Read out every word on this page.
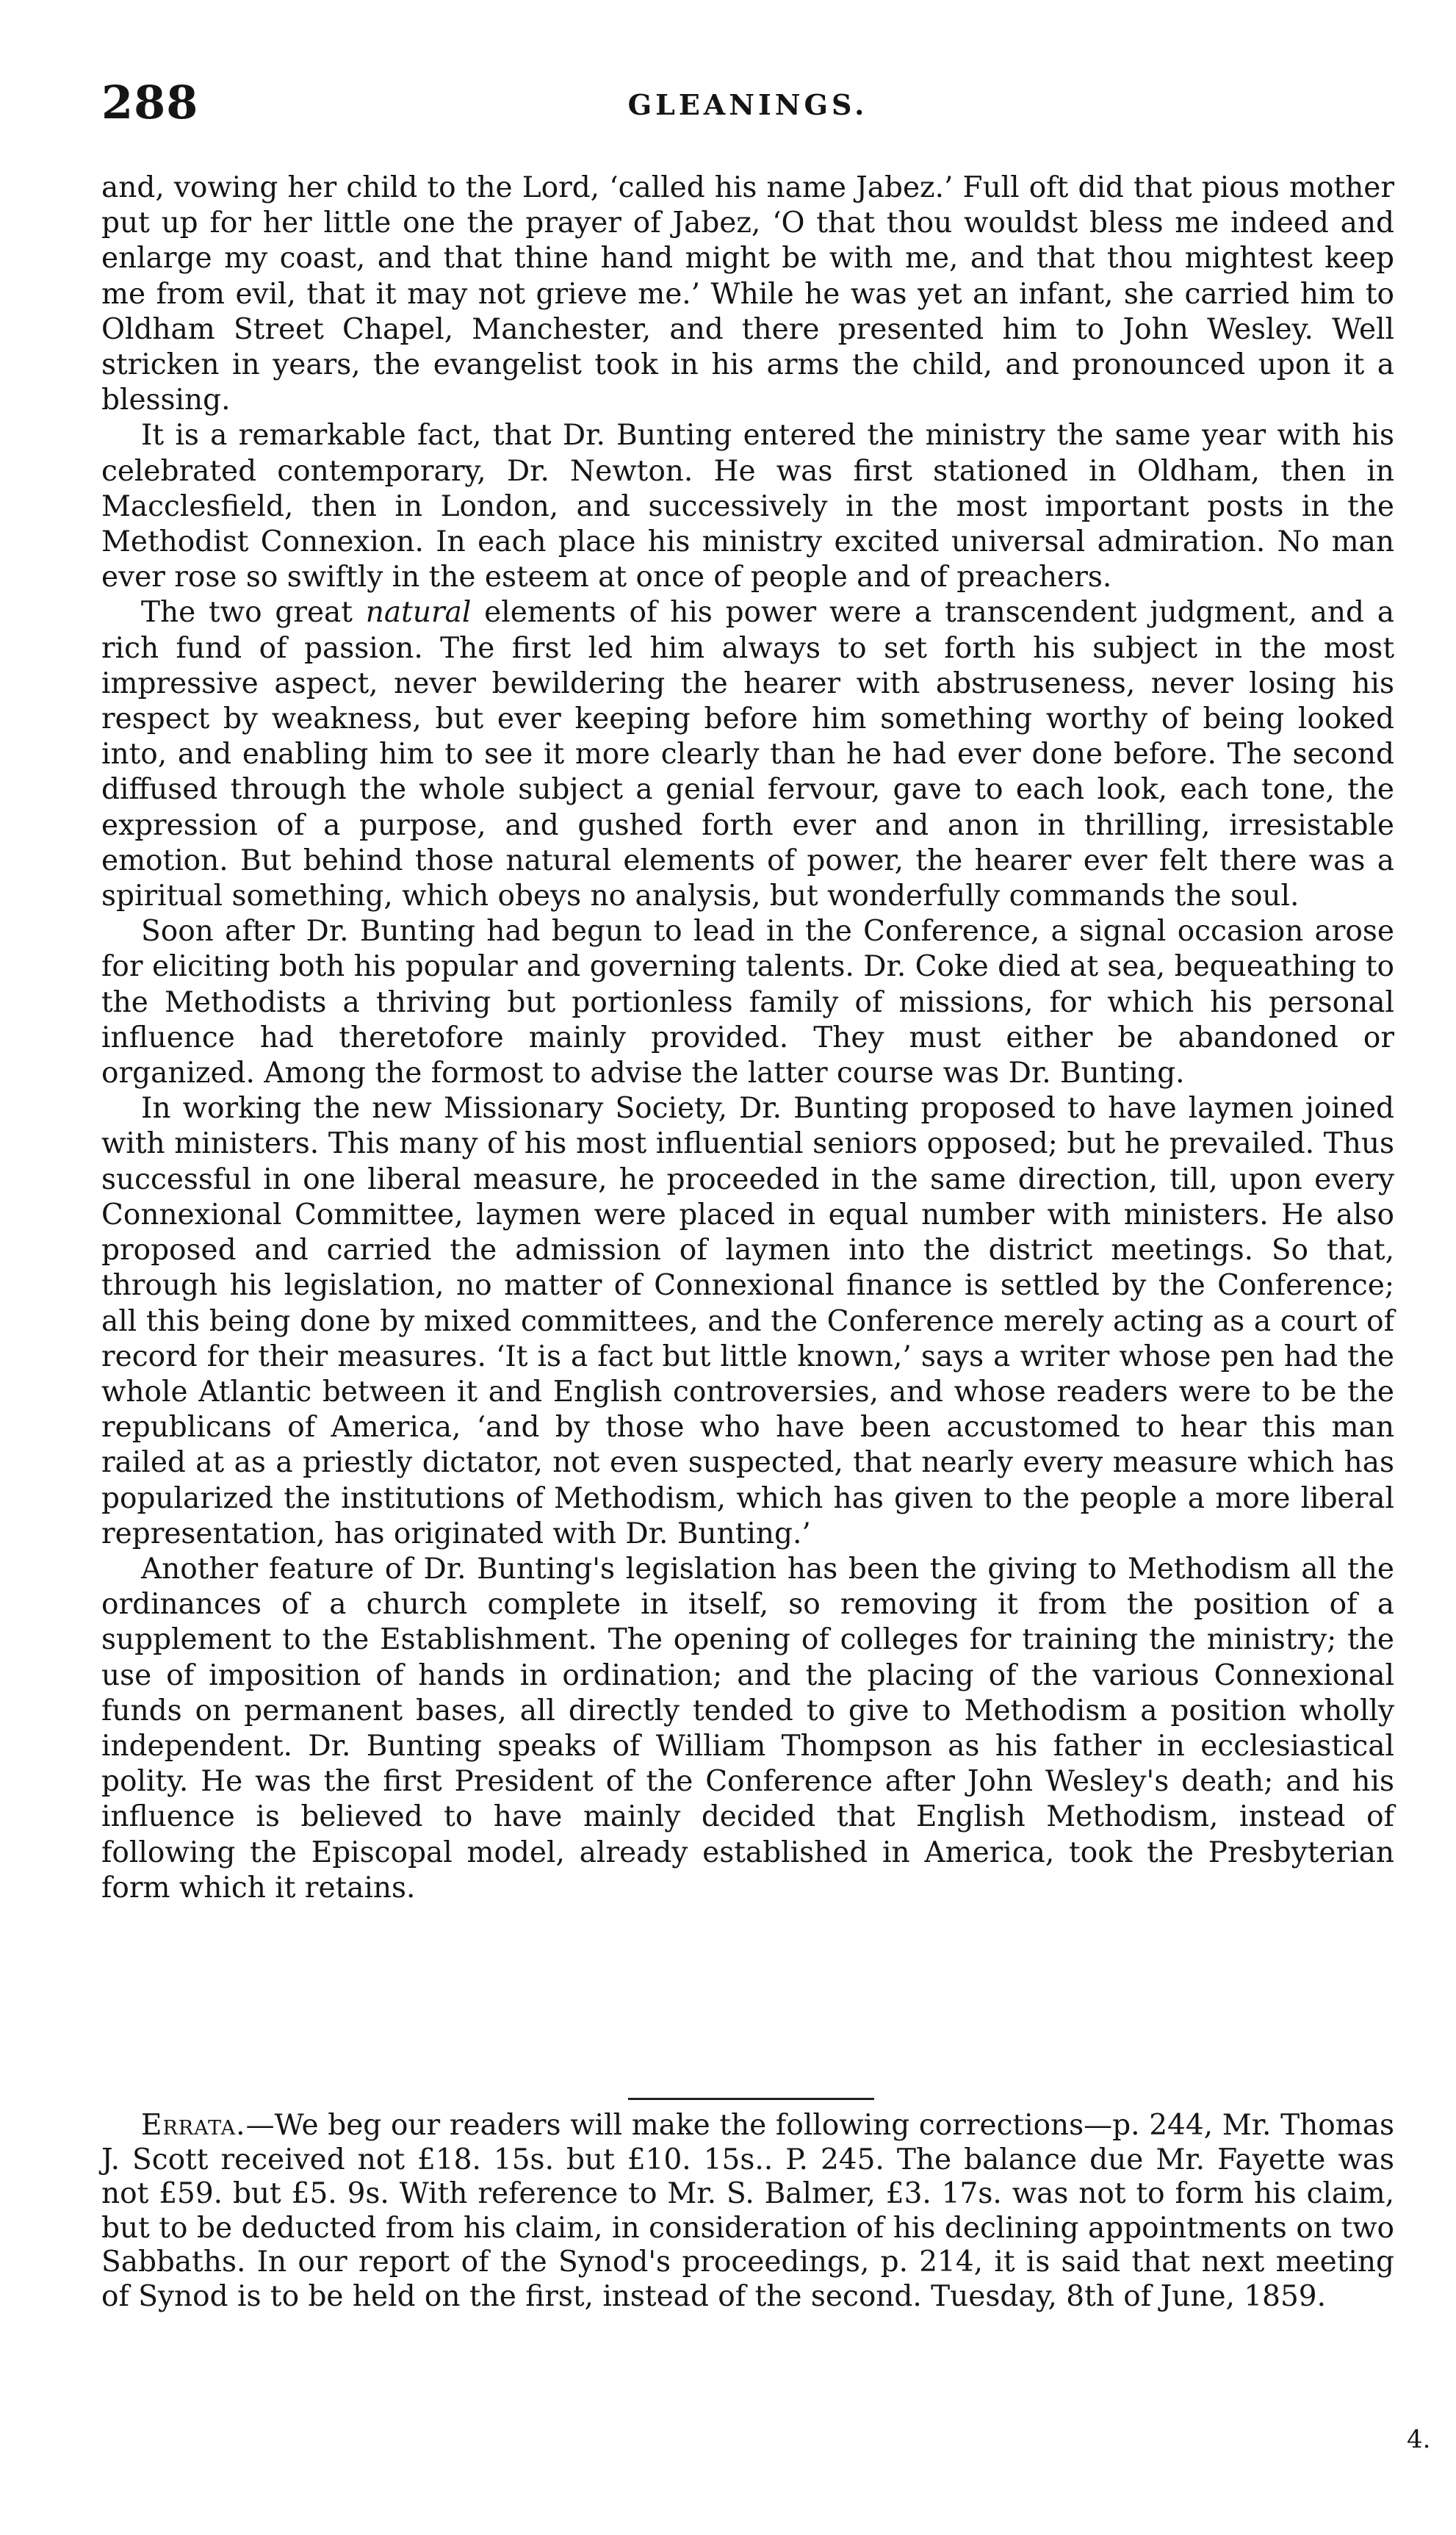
288	GLEANINGS.

and, vowing her child to the Lord, ‘called his name Jabez.’ Full oft did that pious mother put up for her little one the prayer of Jabez, ‘O that thou wouldst bless me indeed and enlarge my coast, and that thine hand might be with me, and that thou mightest keep me from evil, that it may not grieve me.’ While he was yet an infant, she carried him to Oldham Street Chapel, Manchester, and there presented him to John Wesley. Well stricken in years, the evangelist took in his arms the child, and pronounced upon it a blessing.

It is a remarkable fact, that Dr. Bunting entered the ministry the same year with his celebrated contemporary, Dr. Newton. He was first stationed in Oldham, then in Macclesfield, then in London, and successively in the most important posts in the Methodist Connexion. In each place his ministry excited universal admiration. No man ever rose so swiftly in the esteem at once of people and of preachers.

The two great natural elements of his power were a transcendent judgment, and a rich fund of passion. The first led him always to set forth his subject in the most impressive aspect, never bewildering the hearer with abstruseness, never losing his respect by weakness, but ever keeping before him something worthy of being looked into, and enabling him to see it more clearly than he had ever done before. The second diffused through the whole subject a genial fervour, gave to each look, each tone, the expression of a purpose, and gushed forth ever and anon in thrilling, irresistable emotion. But behind those natural elements of power, the hearer ever felt there was a spiritual something, which obeys no analysis, but wonderfully commands the soul.

Soon after Dr. Bunting had begun to lead in the Conference, a signal occasion arose for eliciting both his popular and governing talents. Dr. Coke died at sea, bequeathing to the Methodists a thriving but portionless family of missions, for which his personal influence had theretofore mainly provided. They must either be abandoned or organized. Among the formost to advise the latter course was Dr. Bunting.

In working the new Missionary Society, Dr. Bunting proposed to have laymen joined with ministers. This many of his most influential seniors opposed; but he prevailed. Thus successful in one liberal measure, he proceeded in the same direction, till, upon every Connexional Committee, laymen were placed in equal number with ministers. He also proposed and carried the admission of laymen into the district meetings. So that, through his legislation, no matter of Connexional finance is settled by the Conference; all this being done by mixed committees, and the Conference merely acting as a court of record for their measures. ‘It is a fact but little known,’ says a writer whose pen had the whole Atlantic between it and English controversies, and whose readers were to be the republicans of America, ‘and by those who have been accustomed to hear this man railed at as a priestly dictator, not even suspected, that nearly every measure which has popularized the institutions of Methodism, which has given to the people a more liberal representation, has originated with Dr. Bunting.’

Another feature of Dr. Bunting's legislation has been the giving to Methodism all the ordinances of a church complete in itself, so removing it from the position of a supplement to the Establishment. The opening of colleges for training the ministry; the use of imposition of hands in ordination; and the placing of the various Connexional funds on permanent bases, all directly tended to give to Methodism a position wholly independent. Dr. Bunting speaks of William Thompson as his father in ecclesiastical polity. He was the first President of the Conference after John Wesley's death; and his influence is believed to have mainly decided that English Methodism, instead of following the Episcopal model, already established in America, took the Presbyterian form which it retains.

Errata.—We beg our readers will make the following corrections—p. 244, Mr. Thomas J. Scott received not £18. 15s. but £10. 15s.. P. 245. The balance due Mr. Fayette was not £59. but £5. 9s. With reference to Mr. S. Balmer, £3. 17s. was not to form his claim, but to be deducted from his claim, in consideration of his declining appointments on two Sabbaths. In our report of the Synod's proceedings, p. 214, it is said that next meeting of Synod is to be held on the first, instead of the second. Tuesday, 8th of June, 1859.

4.
